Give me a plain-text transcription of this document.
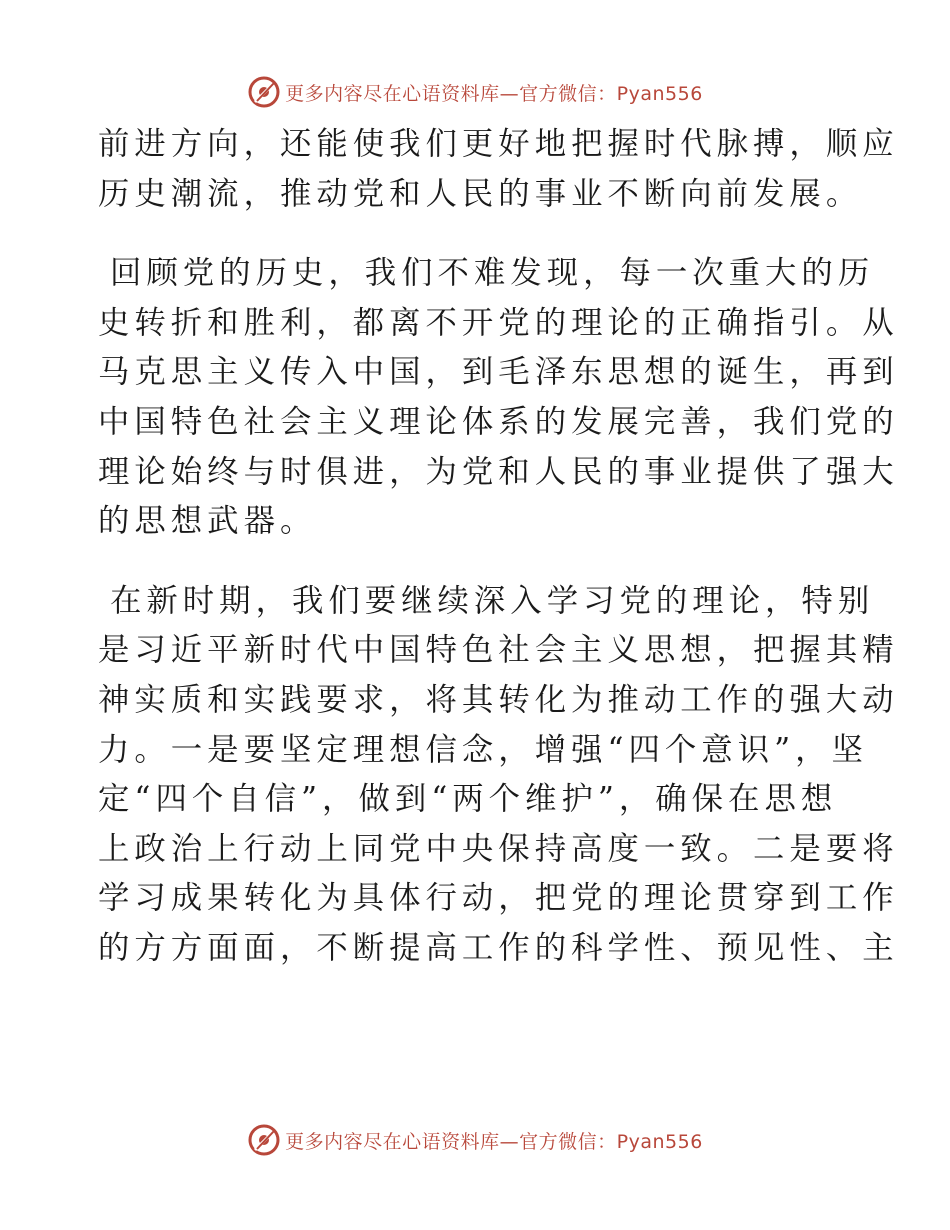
更多内容尽在心语资料库—官方微信：Pyan556

前进方向，还能使我们更好地把握时代脉搏，顺应
历史潮流，推动党和人民的事业不断向前发展。

回顾党的历史，我们不难发现，每一次重大的历
史转折和胜利，都离不开党的理论的正确指引。从
马克思主义传入中国，到毛泽东思想的诞生，再到
中国特色社会主义理论体系的发展完善，我们党的
理论始终与时俱进，为党和人民的事业提供了强大
的思想武器。

在新时期，我们要继续深入学习党的理论，特别
是习近平新时代中国特色社会主义思想，把握其精
神实质和实践要求，将其转化为推动工作的强大动
力。一是要坚定理想信念，增强“四个意识”，坚
定“四个自信”，做到“两个维护”，确保在思想
上政治上行动上同党中央保持高度一致。二是要将
学习成果转化为具体行动，把党的理论贯穿到工作
的方方面面，不断提高工作的科学性、预见性、主

更多内容尽在心语资料库—官方微信：Pyan556
